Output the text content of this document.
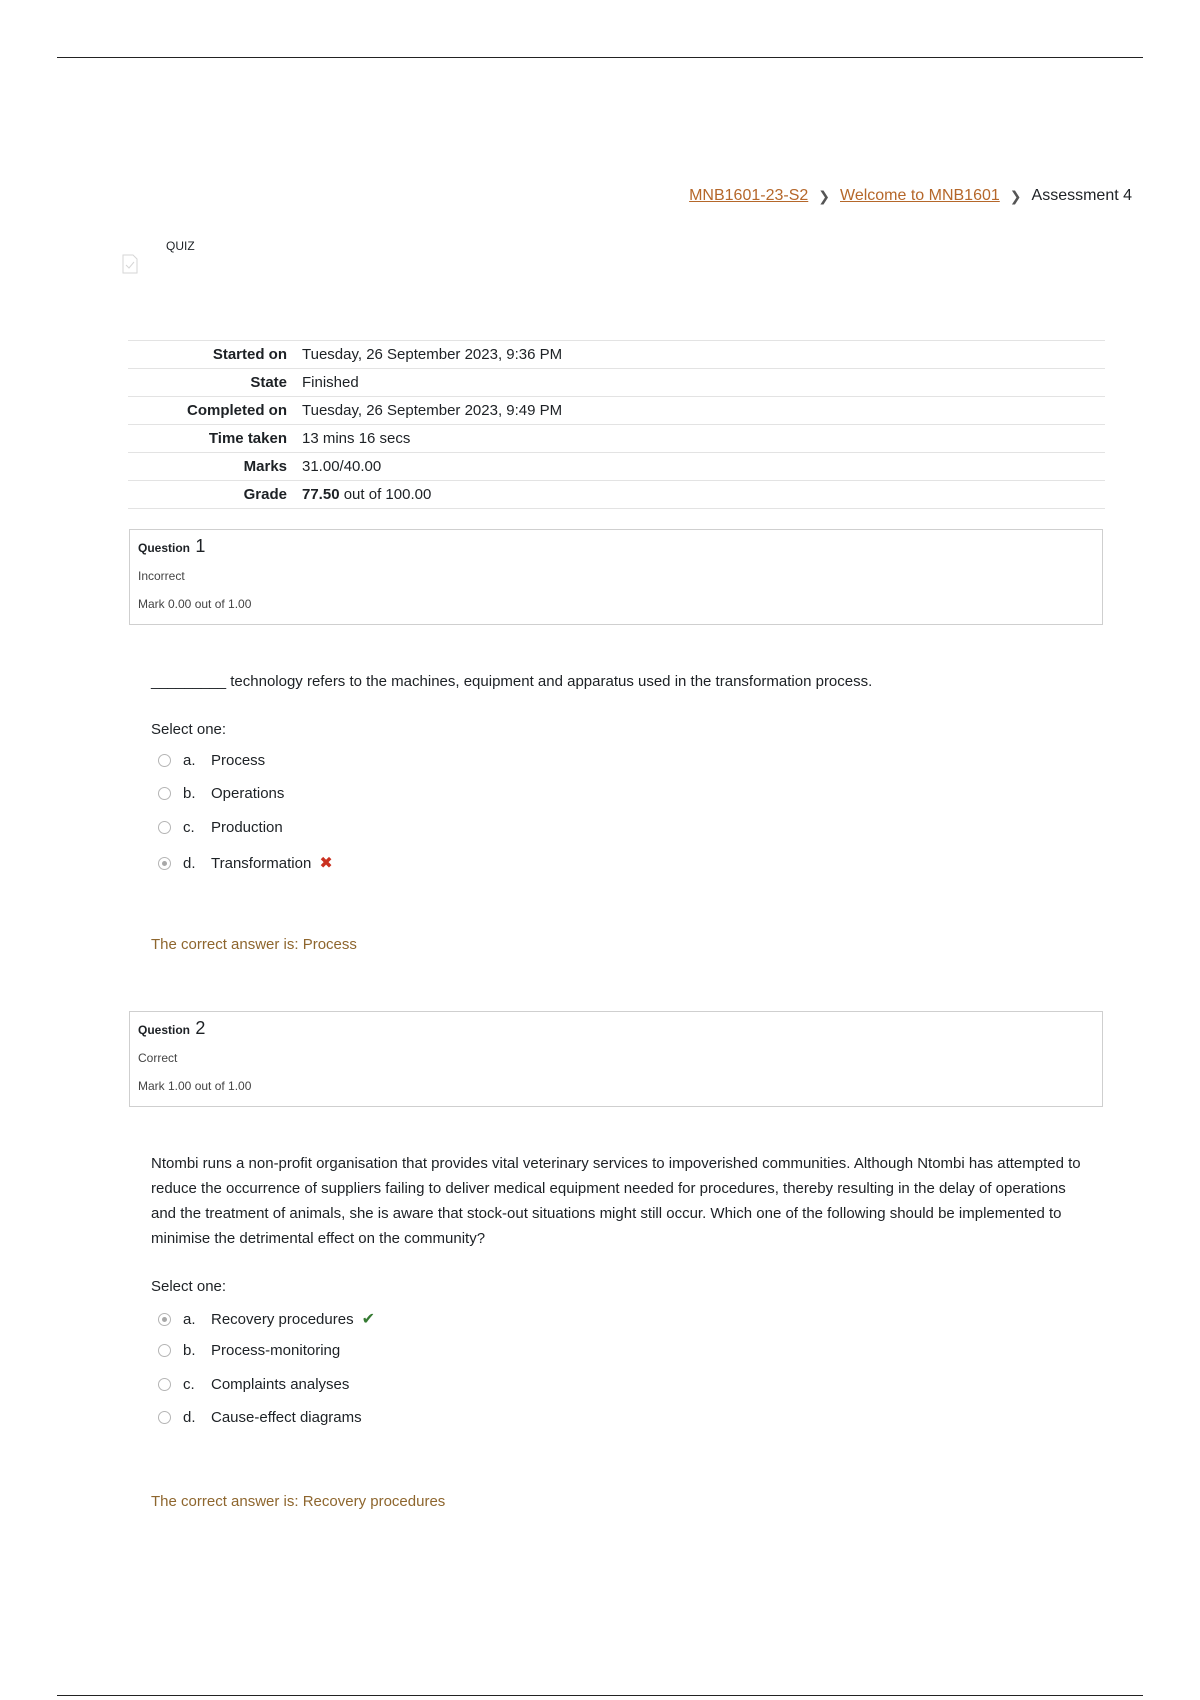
MNB1601-23-S2 ❯ Welcome to MNB1601 ❯ Assessment 4
QUIZ
Started on	Tuesday, 26 September 2023, 9:36 PM
State	Finished
Completed on	Tuesday, 26 September 2023, 9:49 PM
Time taken	13 mins 16 secs
Marks	31.00/40.00
Grade	77.50 out of 100.00
Question 1
Incorrect
Mark 0.00 out of 1.00
_________ technology refers to the machines, equipment and apparatus used in the transformation process.
Select one:
a.	Process
b.	Operations
c.	Production
d.	Transformation ✖
The correct answer is: Process
Question 2
Correct
Mark 1.00 out of 1.00
Ntombi runs a non-profit organisation that provides vital veterinary services to impoverished communities. Although Ntombi has attempted to reduce the occurrence of suppliers failing to deliver medical equipment needed for procedures, thereby resulting in the delay of operations and the treatment of animals, she is aware that stock-out situations might still occur. Which one of the following should be implemented to minimise the detrimental effect on the community?
Select one:
a.	Recovery procedures ✔
b.	Process-monitoring
c.	Complaints analyses
d.	Cause-effect diagrams
The correct answer is: Recovery procedures
